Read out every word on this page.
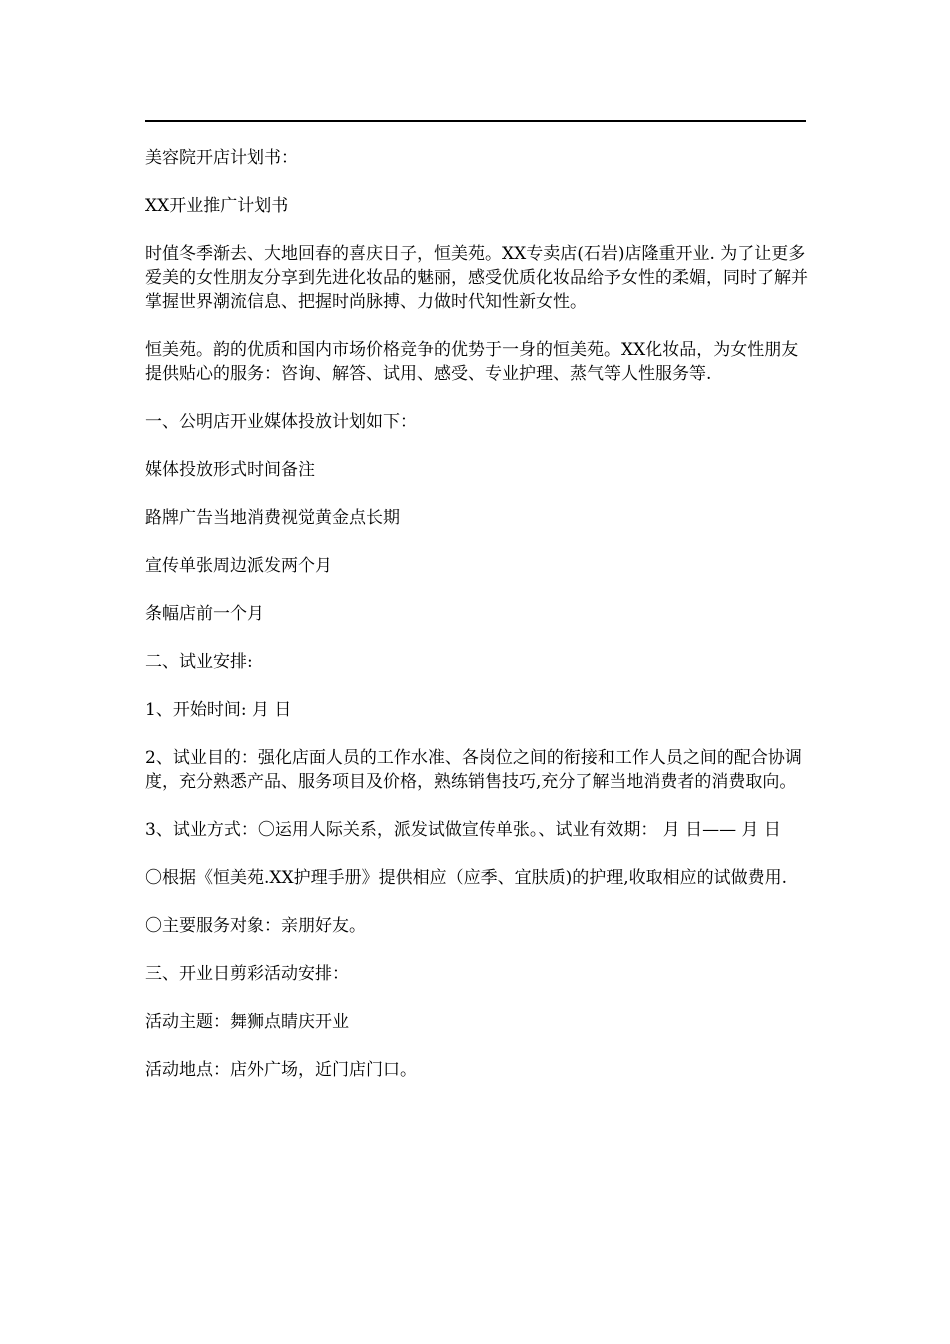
美容院开店计划书：

XX开业推广计划书

时值冬季渐去、大地回春的喜庆日子，恒美苑。XX专卖店(石岩)店隆重开业. 为了让更多爱美的女性朋友分享到先进化妆品的魅丽，感受优质化妆品给予女性的柔媚，同时了解并掌握世界潮流信息、把握时尚脉搏、力做时代知性新女性。

恒美苑。韵的优质和国内市场价格竞争的优势于一身的恒美苑。XX化妆品，为女性朋友提供贴心的服务：咨询、解答、试用、感受、专业护理、蒸气等人性服务等.

一、公明店开业媒体投放计划如下：

媒体投放形式时间备注

路牌广告当地消费视觉黄金点长期

宣传单张周边派发两个月

条幅店前一个月

二、试业安排:

1、开始时间: 月 日

2、试业目的：强化店面人员的工作水准、各岗位之间的衔接和工作人员之间的配合协调度，充分熟悉产品、服务项目及价格，熟练销售技巧,充分了解当地消费者的消费取向。

3、试业方式：〇运用人际关系，派发试做宣传单张。、试业有效期： 月 日—— 月 日

〇根据《恒美苑.XX护理手册》提供相应（应季、宜肤质)的护理,收取相应的试做费用.

〇主要服务对象：亲朋好友。

三、开业日剪彩活动安排：

活动主题：舞狮点睛庆开业

活动地点：店外广场，近门店门口。
